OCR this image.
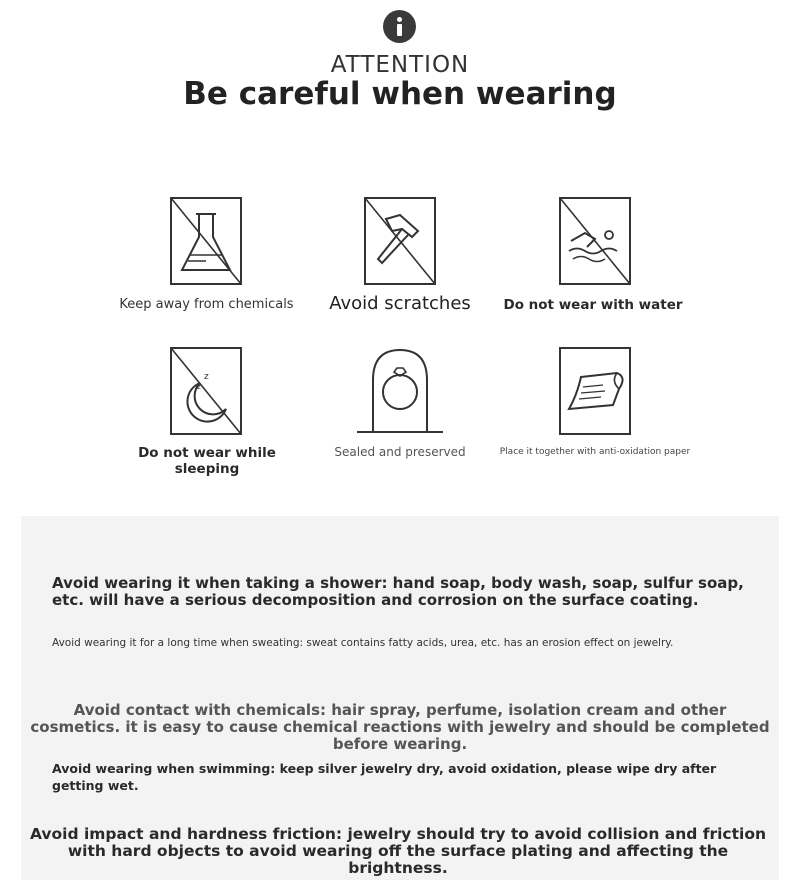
ATTENTION
Be careful when wearing
Keep away from chemicals	Avoid scratches	Do not wear with water
z
z
Do not wear while sleeping
Sealed and preserved	Place it together with anti-oxidation paper
Avoid wearing it when taking a shower: hand soap, body wash, soap, sulfur soap, etc. will have a serious decomposition and corrosion on the surface coating.
Avoid wearing it for a long time when sweating: sweat contains fatty acids, urea, etc. has an erosion effect on jewelry.
Avoid contact with chemicals: hair spray, perfume, isolation cream and other cosmetics. it is easy to cause chemical reactions with jewelry and should be completed before wearing.
Avoid wearing when swimming: keep silver jewelry dry, avoid oxidation, please wipe dry after getting wet.
Avoid impact and hardness friction: jewelry should try to avoid collision and friction with hard objects to avoid wearing off the surface plating and affecting the brightness.
